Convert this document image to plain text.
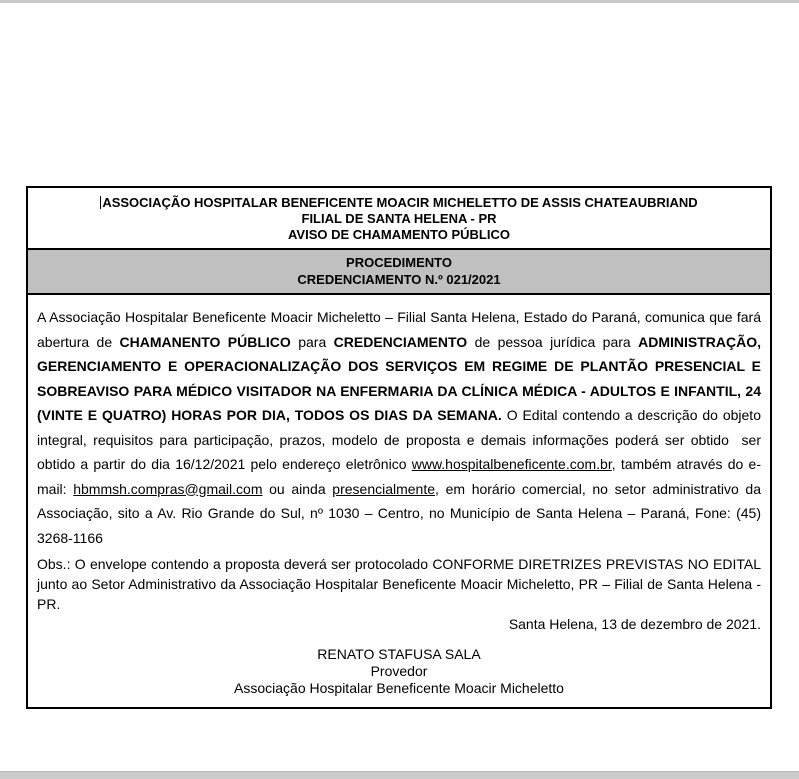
ASSOCIAÇÃO HOSPITALAR BENEFICENTE MOACIR MICHELETTO DE ASSIS CHATEAUBRIAND
FILIAL DE SANTA HELENA - PR
AVISO DE CHAMAMENTO PÚBLICO
PROCEDIMENTO
CREDENCIAMENTO N.º 021/2021

A Associação Hospitalar Beneficente Moacir Micheletto – Filial Santa Helena, Estado do Paraná, comunica que fará abertura de CHAMANENTO PÚBLICO para CREDENCIAMENTO de pessoa jurídica para ADMINISTRAÇÃO, GERENCIAMENTO E OPERACIONALIZAÇÃO DOS SERVIÇOS EM REGIME DE PLANTÃO PRESENCIAL E SOBREAVISO PARA MÉDICO VISITADOR NA ENFERMARIA DA CLÍNICA MÉDICA - ADULTOS E INFANTIL, 24 (VINTE E QUATRO) HORAS POR DIA, TODOS OS DIAS DA SEMANA. O Edital contendo a descrição do objeto integral, requisitos para participação, prazos, modelo de proposta e demais informações poderá ser obtido  ser obtido a partir do dia 16/12/2021 pelo endereço eletrônico www.hospitalbeneficente.com.br, também através do e-mail: hbmmsh.compras@gmail.com ou ainda presencialmente, em horário comercial, no setor administrativo da Associação, sito a Av. Rio Grande do Sul, nº 1030 – Centro, no Município de Santa Helena – Paraná, Fone: (45) 3268-1166

Obs.: O envelope contendo a proposta deverá ser protocolado CONFORME DIRETRIZES PREVISTAS NO EDITAL junto ao Setor Administrativo da Associação Hospitalar Beneficente Moacir Micheletto, PR – Filial de Santa Helena - PR.

Santa Helena, 13 de dezembro de 2021.

RENATO STAFUSA SALA
Provedor
Associação Hospitalar Beneficente Moacir Micheletto
